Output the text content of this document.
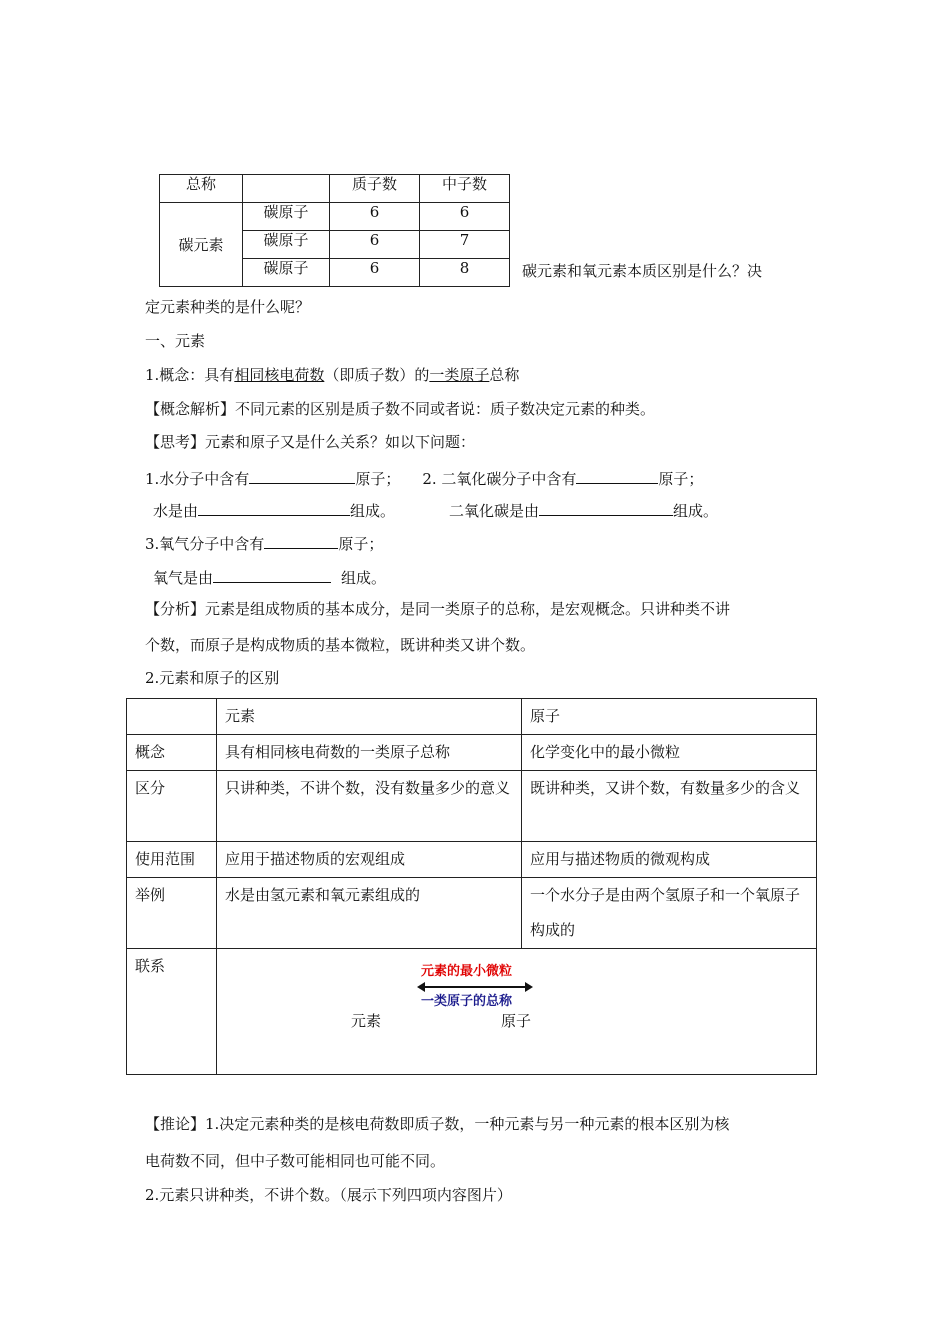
总称		质子数	中子数
碳元素	碳原子	6	6
	碳原子	6	7
	碳原子	6	8	碳元素和氧元素本质区别是什么？决
定元素种类的是什么呢？
一、元素
1.概念：具有相同核电荷数（即质子数）的一类原子总称
【概念解析】不同元素的区别是质子数不同或者说：质子数决定元素的种类。
【思考】元素和原子又是什么关系？如以下问题：
1.水分子中含有	原子； 2. 二氧化碳分子中含有	原子；
水是由	组成。	二氧化碳是由	组成。
3.氧气分子中含有	原子；
氧气是由	组成。
【分析】元素是组成物质的基本成分，是同一类原子的总称，是宏观概念。只讲种类不讲
个数，而原子是构成物质的基本微粒，既讲种类又讲个数。
2.元素和原子的区别
	元素	原子
概念	具有相同核电荷数的一类原子总称	化学变化中的最小微粒
区分	只讲种类，不讲个数，没有数量多少的意义	既讲种类，又讲个数，有数量多少的含义
使用范围	应用于描述物质的宏观组成	应用与描述物质的微观构成
举例	水是由氢元素和氧元素组成的	一个水分子是由两个氢原子和一个氧原子构成的
联系	元素的最小微粒
一类原子的总称
元素 原子	
【推论】1.决定元素种类的是核电荷数即质子数，一种元素与另一种元素的根本区别为核
电荷数不同，但中子数可能相同也可能不同。
2.元素只讲种类，不讲个数。（展示下列四项内容图片）
